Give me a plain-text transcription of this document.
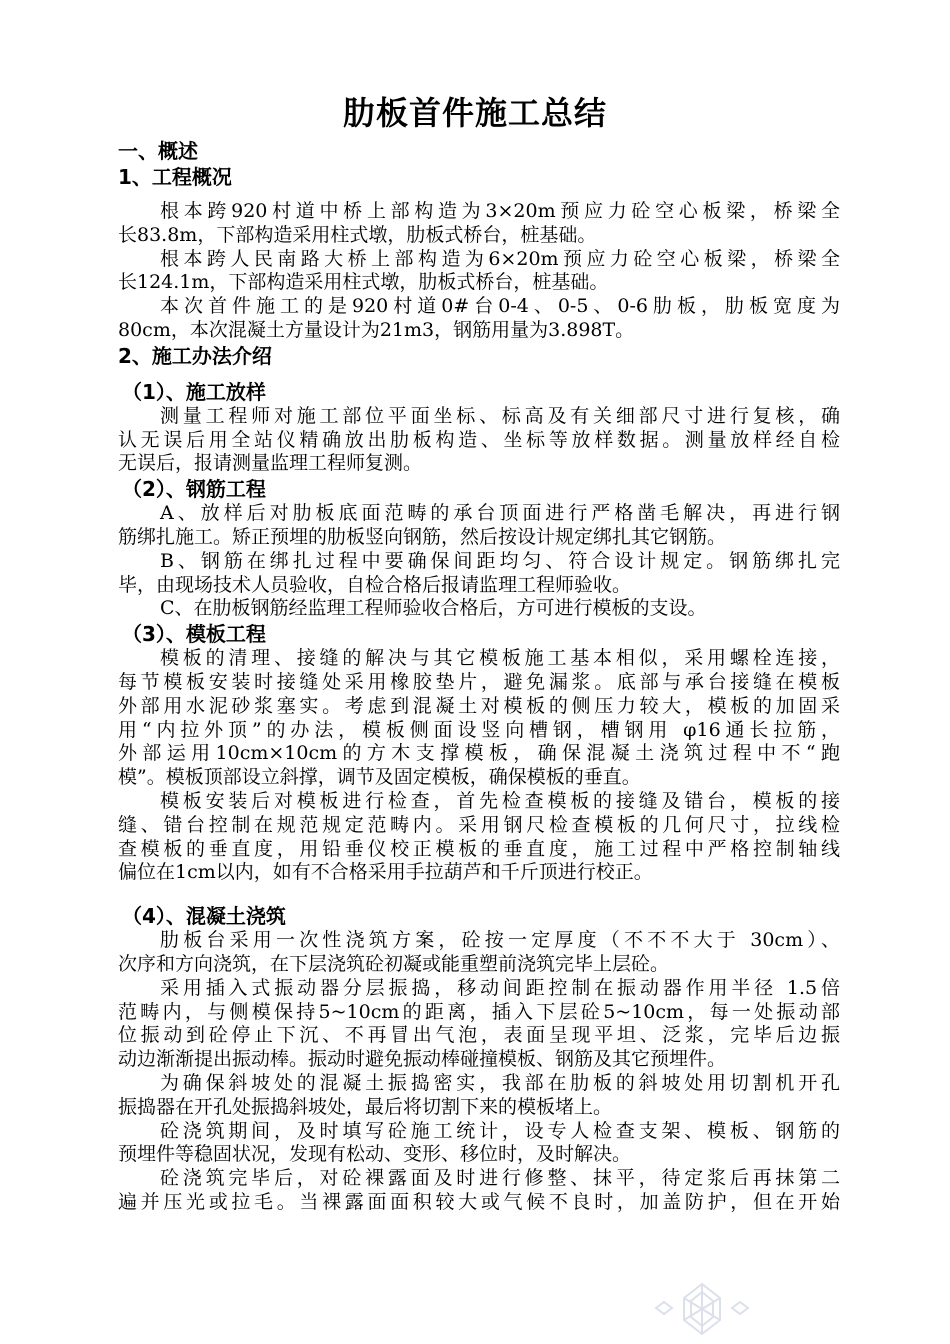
肋板首件施工总结
一、概述
1、工程概况
根本跨920村道中桥上部构造为3×20m预应力砼空心板梁，桥梁全
长83.8m，下部构造采用柱式墩，肋板式桥台，桩基础。
根本跨人民南路大桥上部构造为6×20m预应力砼空心板梁，桥梁全
长124.1m，下部构造采用柱式墩，肋板式桥台，桩基础。
本次首件施工的是920村道0#台0-4、0-5、0-6肋板，肋板宽度为
80cm，本次混凝土方量设计为21m3，钢筋用量为3.898T。
2、施工办法介绍
（1）、施工放样
测量工程师对施工部位平面坐标、标高及有关细部尺寸进行复核，确
认无误后用全站仪精确放出肋板构造、坐标等放样数据。测量放样经自检
无误后，报请测量监理工程师复测。
（2）、钢筋工程
A、放样后对肋板底面范畴的承台顶面进行严格凿毛解决，再进行钢
筋绑扎施工。矫正预埋的肋板竖向钢筋，然后按设计规定绑扎其它钢筋。
B、钢筋在绑扎过程中要确保间距均匀、符合设计规定。钢筋绑扎完
毕，由现场技术人员验收，自检合格后报请监理工程师验收。
C、在肋板钢筋经监理工程师验收合格后，方可进行模板的支设。
（3）、模板工程
模板的清理、接缝的解决与其它模板施工基本相似，采用螺栓连接，
每节模板安装时接缝处采用橡胶垫片，避免漏浆。底部与承台接缝在模板
外部用水泥砂浆塞实。考虑到混凝土对模板的侧压力较大，模板的加固采
用“内拉外顶”的办法，模板侧面设竖向槽钢，槽钢用 φ16通长拉筋，
外部运用10cm×10cm的方木支撑模板，确保混凝土浇筑过程中不“跑
模”。模板顶部设立斜撑，调节及固定模板，确保模板的垂直。
模板安装后对模板进行检查，首先检查模板的接缝及错台，模板的接
缝、错台控制在规范规定范畴内。采用钢尺检查模板的几何尺寸，拉线检
查模板的垂直度，用铅垂仪校正模板的垂直度，施工过程中严格控制轴线
偏位在1cm以内，如有不合格采用手拉葫芦和千斤顶进行校正。
（4）、混凝土浇筑
肋板台采用一次性浇筑方案，砼按一定厚度（不不不大于 30cm）、
次序和方向浇筑，在下层浇筑砼初凝或能重塑前浇筑完毕上层砼。
采用插入式振动器分层振捣，移动间距控制在振动器作用半径 1.5倍
范畴内，与侧模保持5~10cm的距离，插入下层砼5~10cm，每一处振动部
位振动到砼停止下沉、不再冒出气泡，表面呈现平坦、泛浆，完毕后边振
动边渐渐提出振动棒。振动时避免振动棒碰撞模板、钢筋及其它预埋件。
为确保斜坡处的混凝土振捣密实，我部在肋板的斜坡处用切割机开孔
振捣器在开孔处振捣斜坡处，最后将切割下来的模板堵上。
砼浇筑期间，及时填写砼施工统计，设专人检查支架、模板、钢筋的
预埋件等稳固状况，发现有松动、变形、移位时，及时解决。
砼浇筑完毕后，对砼裸露面及时进行修整、抹平，待定浆后再抹第二
遍并压光或拉毛。当裸露面面积较大或气候不良时，加盖防护，但在开始
